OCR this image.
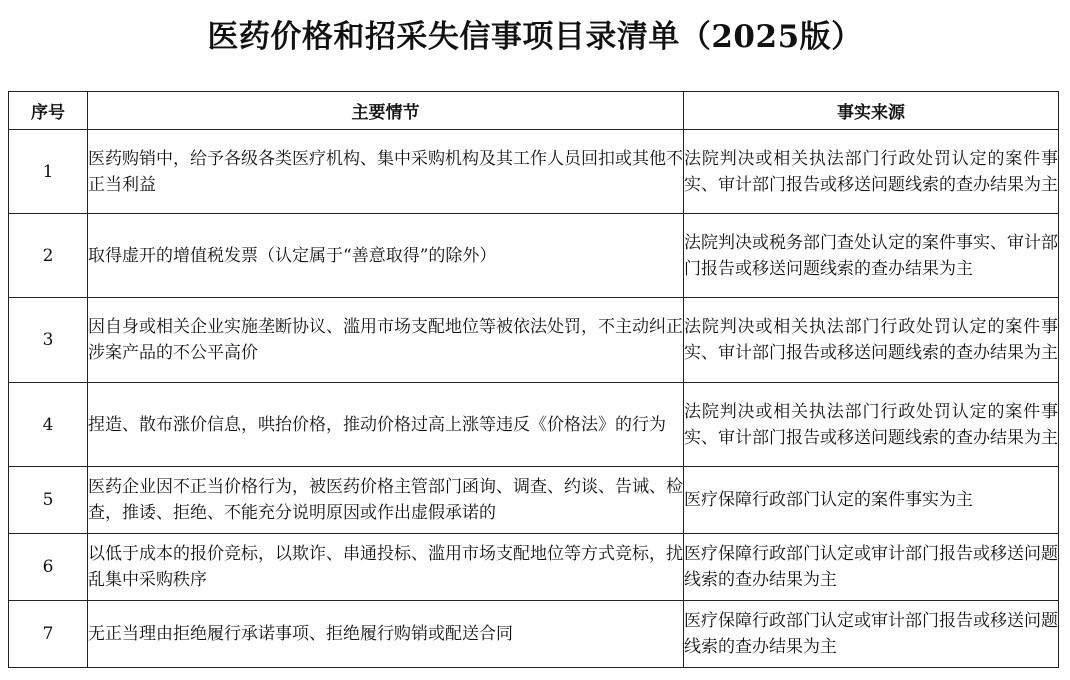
医药价格和招采失信事项目录清单（2025版）
序号	主要情节	事实来源
1	医药购销中，给予各级各类医疗机构、集中采购机构及其工作人员回扣或其他不正当利益	法院判决或相关执法部门行政处罚认定的案件事实、审计部门报告或移送问题线索的查办结果为主
2	取得虚开的增值税发票（认定属于“善意取得”的除外）	法院判决或税务部门查处认定的案件事实、审计部门报告或移送问题线索的查办结果为主
3	因自身或相关企业实施垄断协议、滥用市场支配地位等被依法处罚，不主动纠正涉案产品的不公平高价	法院判决或相关执法部门行政处罚认定的案件事实、审计部门报告或移送问题线索的查办结果为主
4	捏造、散布涨价信息，哄抬价格，推动价格过高上涨等违反《价格法》的行为	法院判决或相关执法部门行政处罚认定的案件事实、审计部门报告或移送问题线索的查办结果为主
5	医药企业因不正当价格行为，被医药价格主管部门函询、调查、约谈、告诫、检查，推诿、拒绝、不能充分说明原因或作出虚假承诺的	医疗保障行政部门认定的案件事实为主
6	以低于成本的报价竞标，以欺诈、串通投标、滥用市场支配地位等方式竞标，扰乱集中采购秩序	医疗保障行政部门认定或审计部门报告或移送问题线索的查办结果为主
7	无正当理由拒绝履行承诺事项、拒绝履行购销或配送合同	医疗保障行政部门认定或审计部门报告或移送问题线索的查办结果为主
